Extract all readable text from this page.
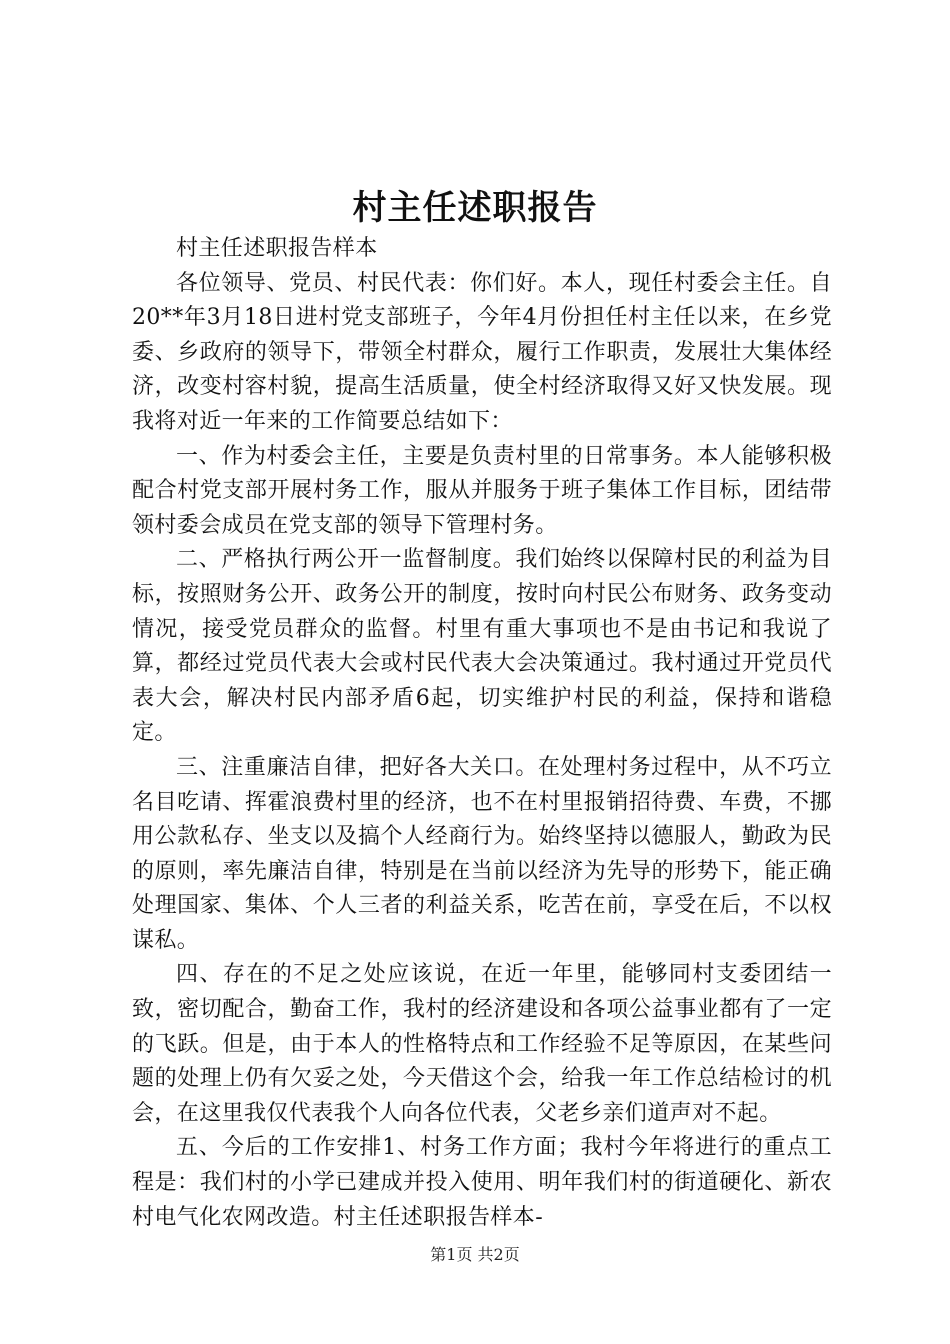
村主任述职报告

村主任述职报告样本

各位领导、党员、村民代表：你们好。本人，现任村委会主任。自20**年3月18日进村党支部班子，今年4月份担任村主任以来，在乡党委、乡政府的领导下，带领全村群众，履行工作职责，发展壮大集体经济，改变村容村貌，提高生活质量，使全村经济取得又好又快发展。现我将对近一年来的工作简要总结如下：

一、作为村委会主任，主要是负责村里的日常事务。本人能够积极配合村党支部开展村务工作，服从并服务于班子集体工作目标，团结带领村委会成员在党支部的领导下管理村务。

二、严格执行两公开一监督制度。我们始终以保障村民的利益为目标，按照财务公开、政务公开的制度，按时向村民公布财务、政务变动情况，接受党员群众的监督。村里有重大事项也不是由书记和我说了算，都经过党员代表大会或村民代表大会决策通过。我村通过开党员代表大会，解决村民内部矛盾6起，切实维护村民的利益，保持和谐稳定。

三、注重廉洁自律，把好各大关口。在处理村务过程中，从不巧立名目吃请、挥霍浪费村里的经济，也不在村里报销招待费、车费，不挪用公款私存、坐支以及搞个人经商行为。始终坚持以德服人，勤政为民的原则，率先廉洁自律，特别是在当前以经济为先导的形势下，能正确处理国家、集体、个人三者的利益关系，吃苦在前，享受在后，不以权谋私。

四、存在的不足之处应该说，在近一年里，能够同村支委团结一致，密切配合，勤奋工作，我村的经济建设和各项公益事业都有了一定的飞跃。但是，由于本人的性格特点和工作经验不足等原因，在某些问题的处理上仍有欠妥之处，今天借这个会，给我一年工作总结检讨的机会，在这里我仅代表我个人向各位代表，父老乡亲们道声对不起。

五、今后的工作安排1、村务工作方面；我村今年将进行的重点工程是：我们村的小学已建成并投入使用、明年我们村的街道硬化、新农村电气化农网改造。村主任述职报告样本-

第1页 共2页
